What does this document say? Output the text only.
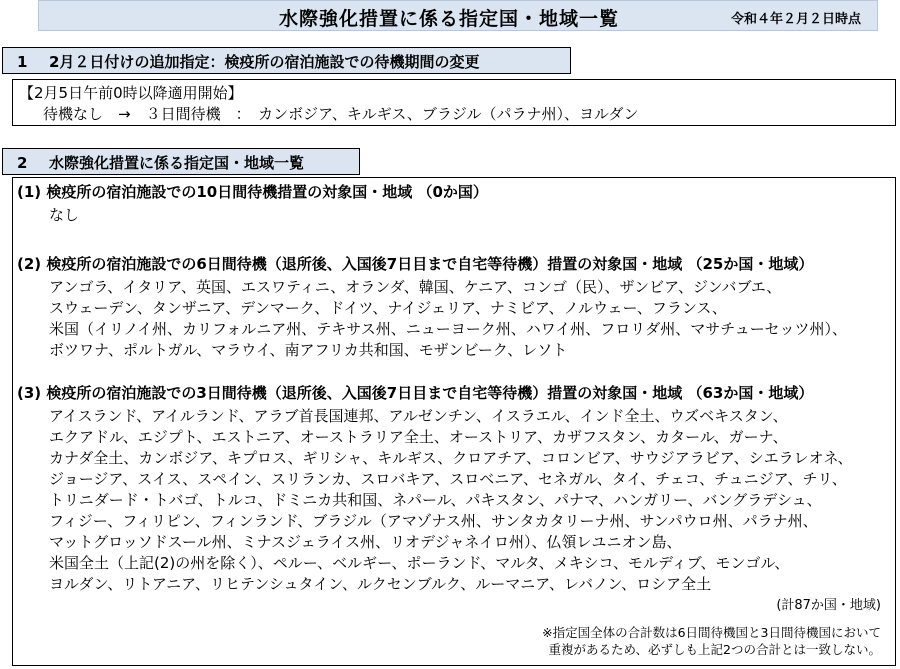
水際強化措置に係る指定国・地域一覧	令和４年２月２日時点
1 2月２日付けの追加指定：検疫所の宿泊施設での待機期間の変更
【2月5日午前0時以降適用開始】
待機なし　→　３日間待機　：　カンボジア、キルギス、ブラジル（パラナ州）、ヨルダン
2 水際強化措置に係る指定国・地域一覧
(1) 検疫所の宿泊施設での10日間待機措置の対象国・地域 （0か国）
なし
(2) 検疫所の宿泊施設での6日間待機（退所後、入国後7日目まで自宅等待機）措置の対象国・地域 （25か国・地域）
アンゴラ、イタリア、英国、エスワティニ、オランダ、韓国、ケニア、コンゴ（民）、ザンビア、ジンバブエ、
スウェーデン、タンザニア、デンマーク、ドイツ、ナイジェリア、ナミビア、ノルウェー、フランス、
米国（イリノイ州、カリフォルニア州、テキサス州、ニューヨーク州、ハワイ州、フロリダ州、マサチューセッツ州）、
ボツワナ、ポルトガル、マラウイ、南アフリカ共和国、モザンビーク、レソト
(3) 検疫所の宿泊施設での3日間待機（退所後、入国後7日目まで自宅等待機）措置の対象国・地域 （63か国・地域）
アイスランド、アイルランド、アラブ首長国連邦、アルゼンチン、イスラエル、インド全土、ウズベキスタン、
エクアドル、エジプト、エストニア、オーストラリア全土、オーストリア、カザフスタン、カタール、ガーナ、
カナダ全土、カンボジア、キプロス、ギリシャ、キルギス、クロアチア、コロンビア、サウジアラビア、シエラレオネ、
ジョージア、スイス、スペイン、スリランカ、スロバキア、スロベニア、セネガル、タイ、チェコ、チュニジア、チリ、
トリニダード・トバゴ、トルコ、ドミニカ共和国、ネパール、パキスタン、パナマ、ハンガリー、バングラデシュ、
フィジー、フィリピン、フィンランド、ブラジル（アマゾナス州、サンタカタリーナ州、サンパウロ州、パラナ州、
マットグロッソドスール州、ミナスジェライス州、リオデジャネイロ州）、仏領レユニオン島、
米国全土（上記(2)の州を除く）、ペルー、ベルギー、ポーランド、マルタ、メキシコ、モルディブ、モンゴル、
ヨルダン、リトアニア、リヒテンシュタイン、ルクセンブルク、ルーマニア、レバノン、ロシア全土
(計87か国・地域)
※指定国全体の合計数は6日間待機国と3日間待機国において
重複があるため、必ずしも上記2つの合計とは一致しない。
